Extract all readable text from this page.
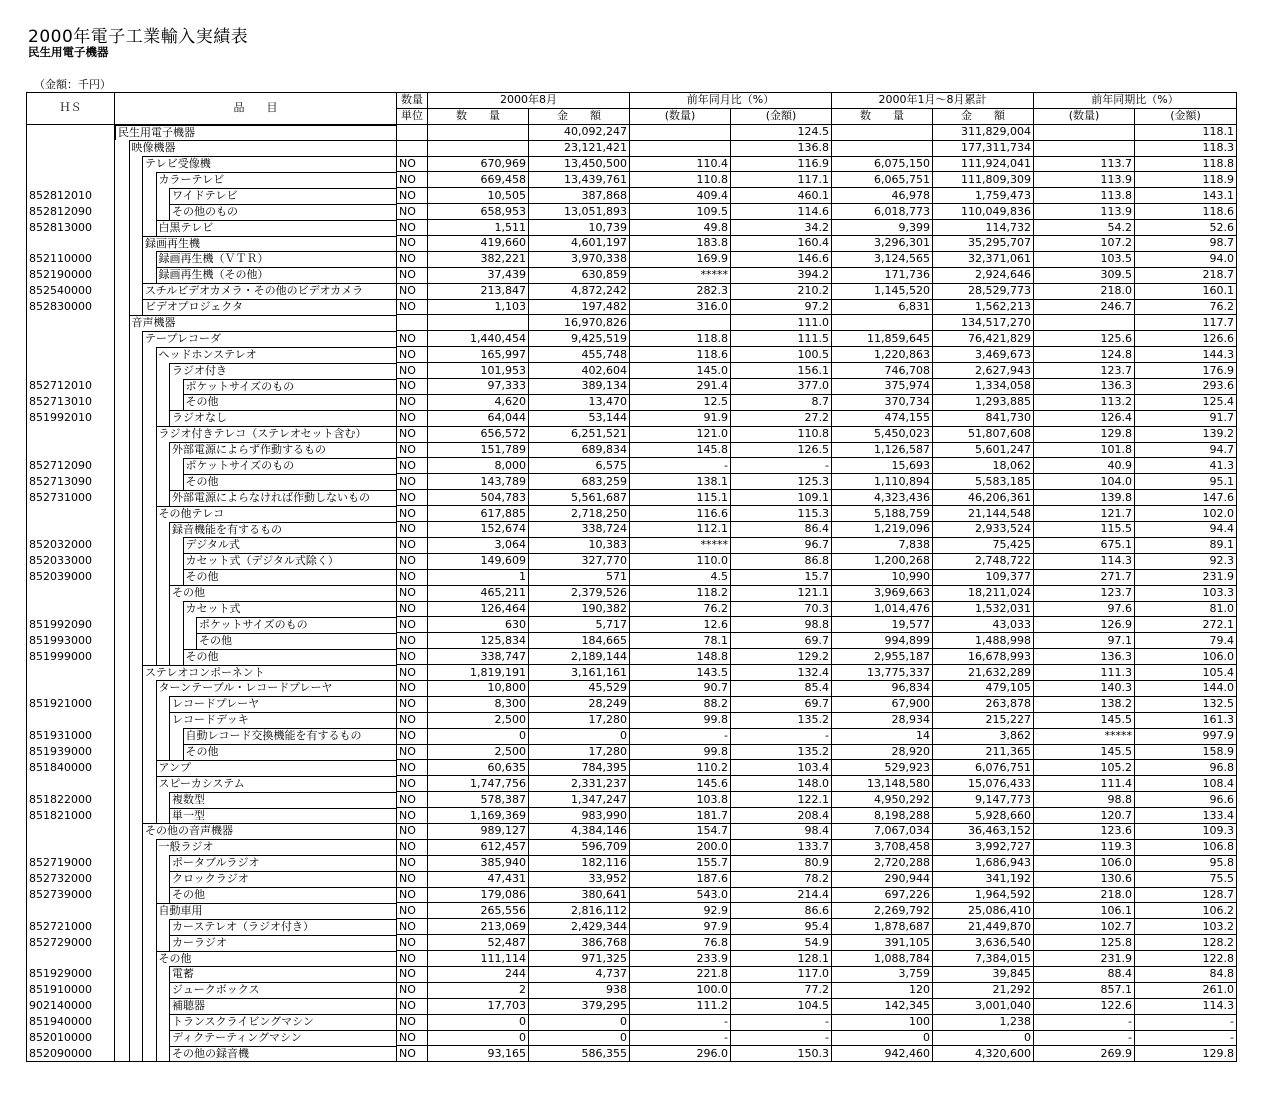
2000年電子工業輸入実績表
民生用電子機器
（金額：千円）
ＨＳ	品　　目	数量	2000年8月		前年同月比（%）		2000年1月～8月累計		前年同期比（%）	
		単位	数　　量	金　　額	(数量)	(金額)	数　　量	金　　額	(数量)	(金額)

	民生用電子機器			40,092,247		124.5		311,829,004		118.1

	映像機器			23,121,421		136.8		177,311,734		118.3

	テレビ受像機	NO	670,969	13,450,500	110.4	116.9	6,075,150	111,924,041	113.7	118.8

	カラーテレビ	NO	669,458	13,439,761	110.8	117.1	6,065,751	111,809,309	113.9	118.9
852812010	ワイドテレビ	NO	10,505	387,868	409.4	460.1	46,978	1,759,473	113.8	143.1
852812090	その他のもの	NO	658,953	13,051,893	109.5	114.6	6,018,773	110,049,836	113.9	118.6
852813000	白黒テレビ	NO	1,511	10,739	49.8	34.2	9,399	114,732	54.2	52.6

	録画再生機	NO	419,660	4,601,197	183.8	160.4	3,296,301	35,295,707	107.2	98.7
852110000	録画再生機（ＶＴＲ）	NO	382,221	3,970,338	169.9	146.6	3,124,565	32,371,061	103.5	94.0
852190000	録画再生機（その他）	NO	37,439	630,859	*****	394.2	171,736	2,924,646	309.5	218.7
852540000	スチルビデオカメラ・その他のビデオカメラ	NO	213,847	4,872,242	282.3	210.2	1,145,520	28,529,773	218.0	160.1
852830000	ビデオプロジェクタ	NO	1,103	197,482	316.0	97.2	6,831	1,562,213	246.7	76.2

	音声機器			16,970,826		111.0		134,517,270		117.7

	テープレコーダ	NO	1,440,454	9,425,519	118.8	111.5	11,859,645	76,421,829	125.6	126.6

	ヘッドホンステレオ	NO	165,997	455,748	118.6	100.5	1,220,863	3,469,673	124.8	144.3

	ラジオ付き	NO	101,953	402,604	145.0	156.1	746,708	2,627,943	123.7	176.9
852712010	ポケットサイズのもの	NO	97,333	389,134	291.4	377.0	375,974	1,334,058	136.3	293.6
852713010	その他	NO	4,620	13,470	12.5	8.7	370,734	1,293,885	113.2	125.4
851992010	ラジオなし	NO	64,044	53,144	91.9	27.2	474,155	841,730	126.4	91.7

	ラジオ付きテレコ（ステレオセット含む）	NO	656,572	6,251,521	121.0	110.8	5,450,023	51,807,608	129.8	139.2

	外部電源によらず作動するもの	NO	151,789	689,834	145.8	126.5	1,126,587	5,601,247	101.8	94.7
852712090	ポケットサイズのもの	NO	8,000	6,575	-	-	15,693	18,062	40.9	41.3
852713090	その他	NO	143,789	683,259	138.1	125.3	1,110,894	5,583,185	104.0	95.1
852731000	外部電源によらなければ作動しないもの	NO	504,783	5,561,687	115.1	109.1	4,323,436	46,206,361	139.8	147.6

	その他テレコ	NO	617,885	2,718,250	116.6	115.3	5,188,759	21,144,548	121.7	102.0

	録音機能を有するもの	NO	152,674	338,724	112.1	86.4	1,219,096	2,933,524	115.5	94.4
852032000	デジタル式	NO	3,064	10,383	*****	96.7	7,838	75,425	675.1	89.1
852033000	カセット式（デジタル式除く）	NO	149,609	327,770	110.0	86.8	1,200,268	2,748,722	114.3	92.3
852039000	その他	NO	1	571	4.5	15.7	10,990	109,377	271.7	231.9

	その他	NO	465,211	2,379,526	118.2	121.1	3,969,663	18,211,024	123.7	103.3

	カセット式	NO	126,464	190,382	76.2	70.3	1,014,476	1,532,031	97.6	81.0
851992090	ポケットサイズのもの	NO	630	5,717	12.6	98.8	19,577	43,033	126.9	272.1
851993000	その他	NO	125,834	184,665	78.1	69.7	994,899	1,488,998	97.1	79.4
851999000	その他	NO	338,747	2,189,144	148.8	129.2	2,955,187	16,678,993	136.3	106.0

	ステレオコンポーネント	NO	1,819,191	3,161,161	143.5	132.4	13,775,337	21,632,289	111.3	105.4

	ターンテーブル・レコードプレーヤ	NO	10,800	45,529	90.7	85.4	96,834	479,105	140.3	144.0
851921000	レコードプレーヤ	NO	8,300	28,249	88.2	69.7	67,900	263,878	138.2	132.5

	レコードデッキ	NO	2,500	17,280	99.8	135.2	28,934	215,227	145.5	161.3
851931000	自動レコード交換機能を有するもの	NO	0	0	-	-	14	3,862	*****	997.9
851939000	その他	NO	2,500	17,280	99.8	135.2	28,920	211,365	145.5	158.9
851840000	アンプ	NO	60,635	784,395	110.2	103.4	529,923	6,076,751	105.2	96.8

	スピーカシステム	NO	1,747,756	2,331,237	145.6	148.0	13,148,580	15,076,433	111.4	108.4
851822000	複数型	NO	578,387	1,347,247	103.8	122.1	4,950,292	9,147,773	98.8	96.6
851821000	単一型	NO	1,169,369	983,990	181.7	208.4	8,198,288	5,928,660	120.7	133.4

	その他の音声機器	NO	989,127	4,384,146	154.7	98.4	7,067,034	36,463,152	123.6	109.3

	一般ラジオ	NO	612,457	596,709	200.0	133.7	3,708,458	3,992,727	119.3	106.8
852719000	ポータブルラジオ	NO	385,940	182,116	155.7	80.9	2,720,288	1,686,943	106.0	95.8
852732000	クロックラジオ	NO	47,431	33,952	187.6	78.2	290,944	341,192	130.6	75.5
852739000	その他	NO	179,086	380,641	543.0	214.4	697,226	1,964,592	218.0	128.7

	自動車用	NO	265,556	2,816,112	92.9	86.6	2,269,792	25,086,410	106.1	106.2
852721000	カーステレオ（ラジオ付き）	NO	213,069	2,429,344	97.9	95.4	1,878,687	21,449,870	102.7	103.2
852729000	カーラジオ	NO	52,487	386,768	76.8	54.9	391,105	3,636,540	125.8	128.2

	その他	NO	111,114	971,325	233.9	128.1	1,088,784	7,384,015	231.9	122.8
851929000	電蓄	NO	244	4,737	221.8	117.0	3,759	39,845	88.4	84.8
851910000	ジュークボックス	NO	2	938	100.0	77.2	120	21,292	857.1	261.0
902140000	補聴器	NO	17,703	379,295	111.2	104.5	142,345	3,001,040	122.6	114.3
851940000	トランスクライビングマシン	NO	0	0	-	-	100	1,238	-	-
852010000	ディクテーティングマシン	NO	0	0	-	-	0	0	-	-
852090000	その他の録音機	NO	93,165	586,355	296.0	150.3	942,460	4,320,600	269.9	129.8
